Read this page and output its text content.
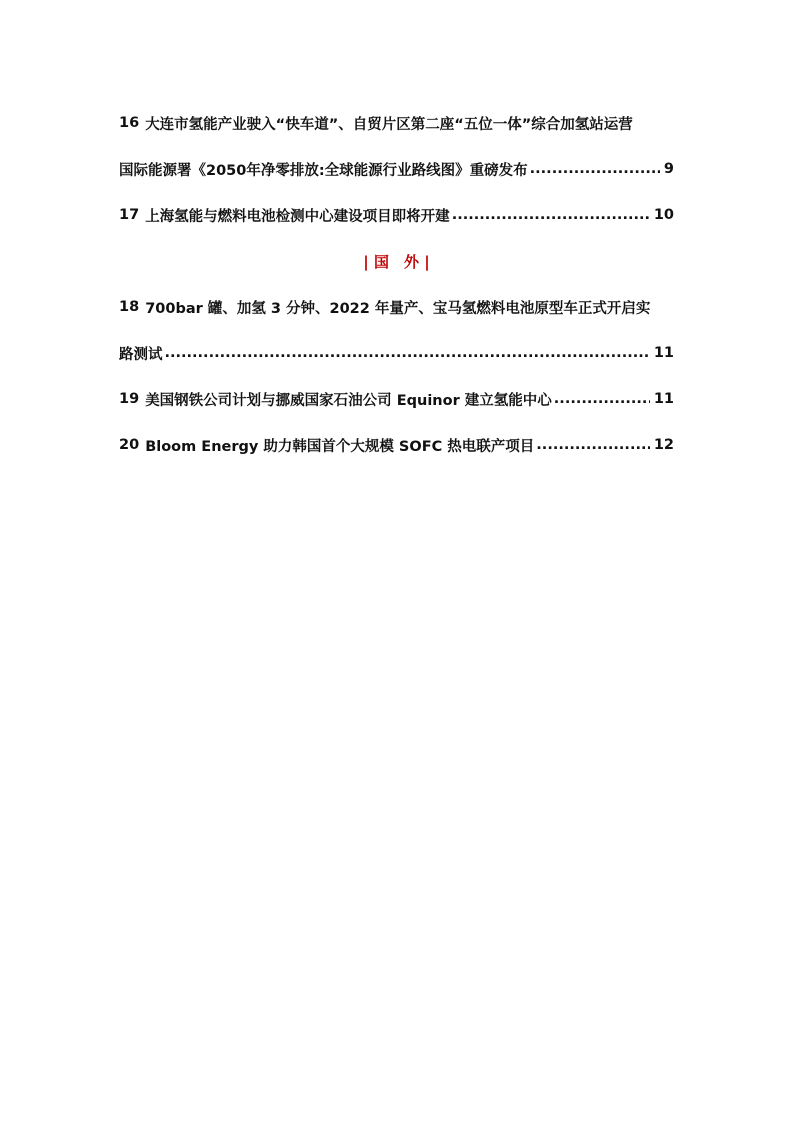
16 大连市氢能产业驶入“快车道”、自贸片区第二座“五位一体”综合加氢站运营
国际能源署《2050年净零排放:全球能源行业路线图》重磅发布 .....	9
17 上海氢能与燃料电池检测中心建设项目即将开建 .....	10
| 国　外 |
18 700bar 罐、加氢 3 分钟、2022 年量产、宝马氢燃料电池原型车正式开启实
路测试 .....	11
19 美国钢铁公司计划与挪威国家石油公司 Equinor 建立氢能中心 .....	11
20 Bloom Energy 助力韩国首个大规模 SOFC 热电联产项目 .....	12
